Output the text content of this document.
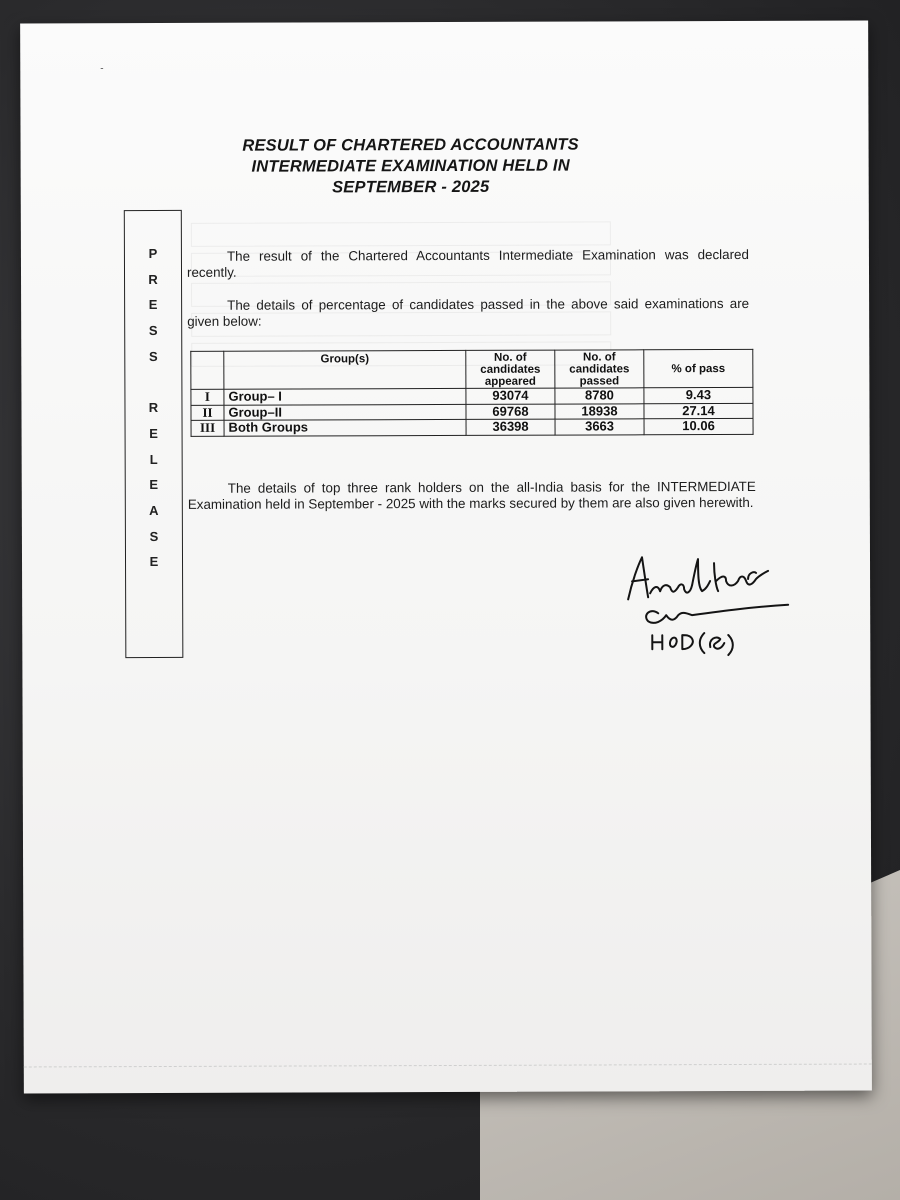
-
RESULT OF CHARTERED ACCOUNTANTS
INTERMEDIATE EXAMINATION HELD IN
SEPTEMBER - 2025
P
R
E
S
S
R
E
L
E
A
S
E
The result of the Chartered Accountants Intermediate Examination was declared recently.
The details of percentage of candidates passed in the above said examinations are given below:
	Group(s)	No. of candidates appeared	No. of candidates passed	% of pass
I	Group– I	93074	8780	9.43
II	Group–II	69768	18938	27.14
III	Both Groups	36398	3663	10.06
The details of top three rank holders on the all-India basis for the INTERMEDIATE Examination held in September - 2025 with the marks secured by them are also given herewith.
